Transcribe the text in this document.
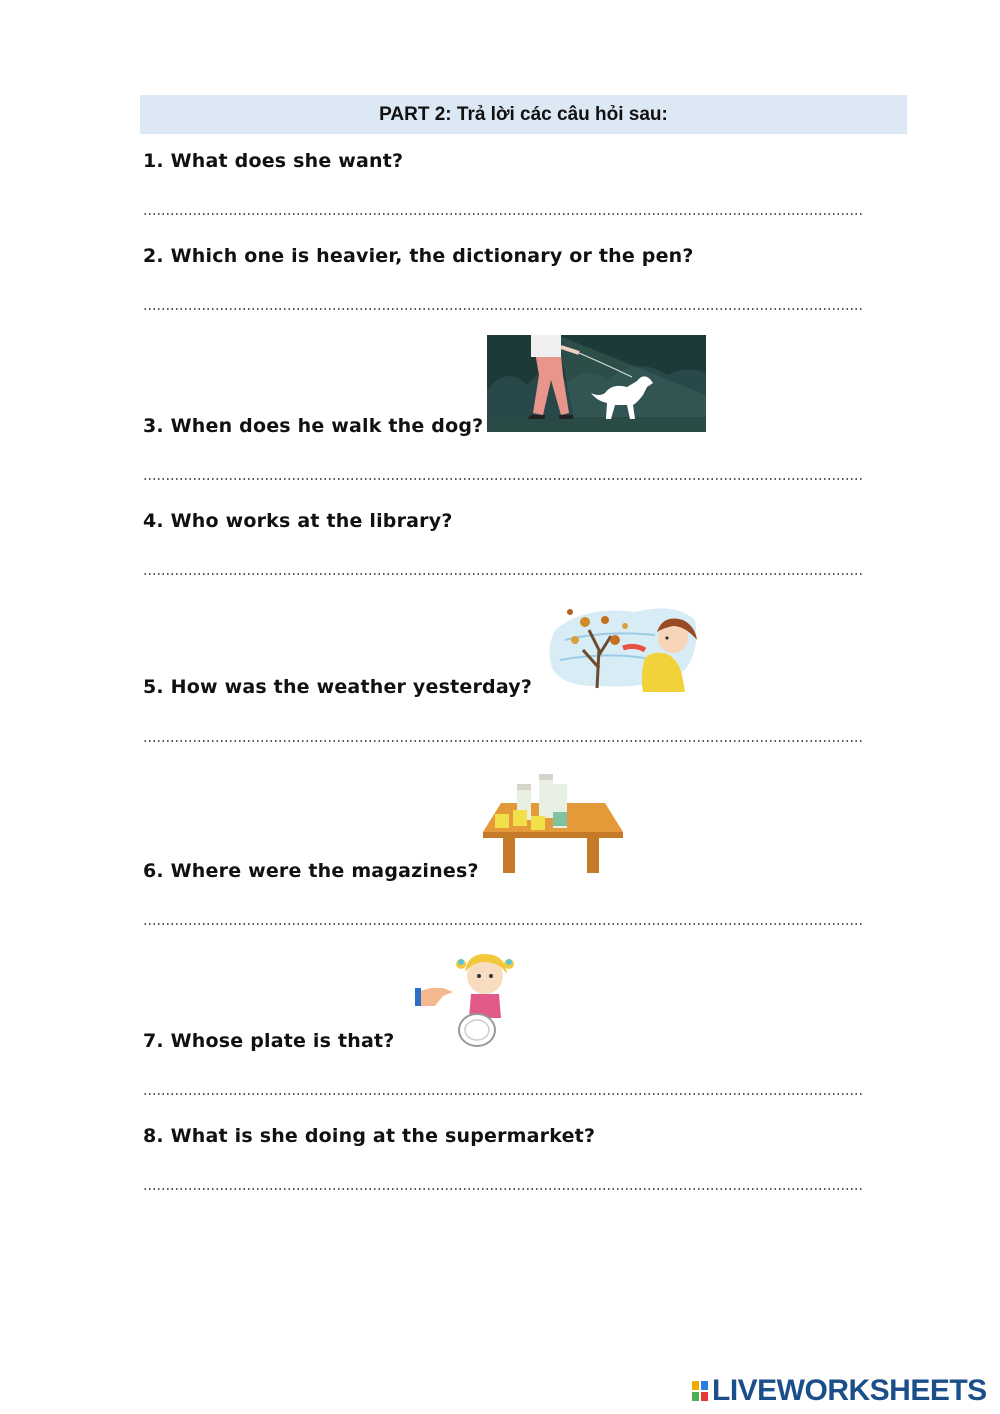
PART 2: Trả lời các câu hỏi sau:
1. What does she want?
2. Which one is heavier, the dictionary or the pen?
3. When does he walk the dog?
4. Who works at the library?
5. How was the weather yesterday?
6. Where were the magazines?
7. Whose plate is that?
8. What is she doing at the supermarket?
LIVEWORKSHEETS
